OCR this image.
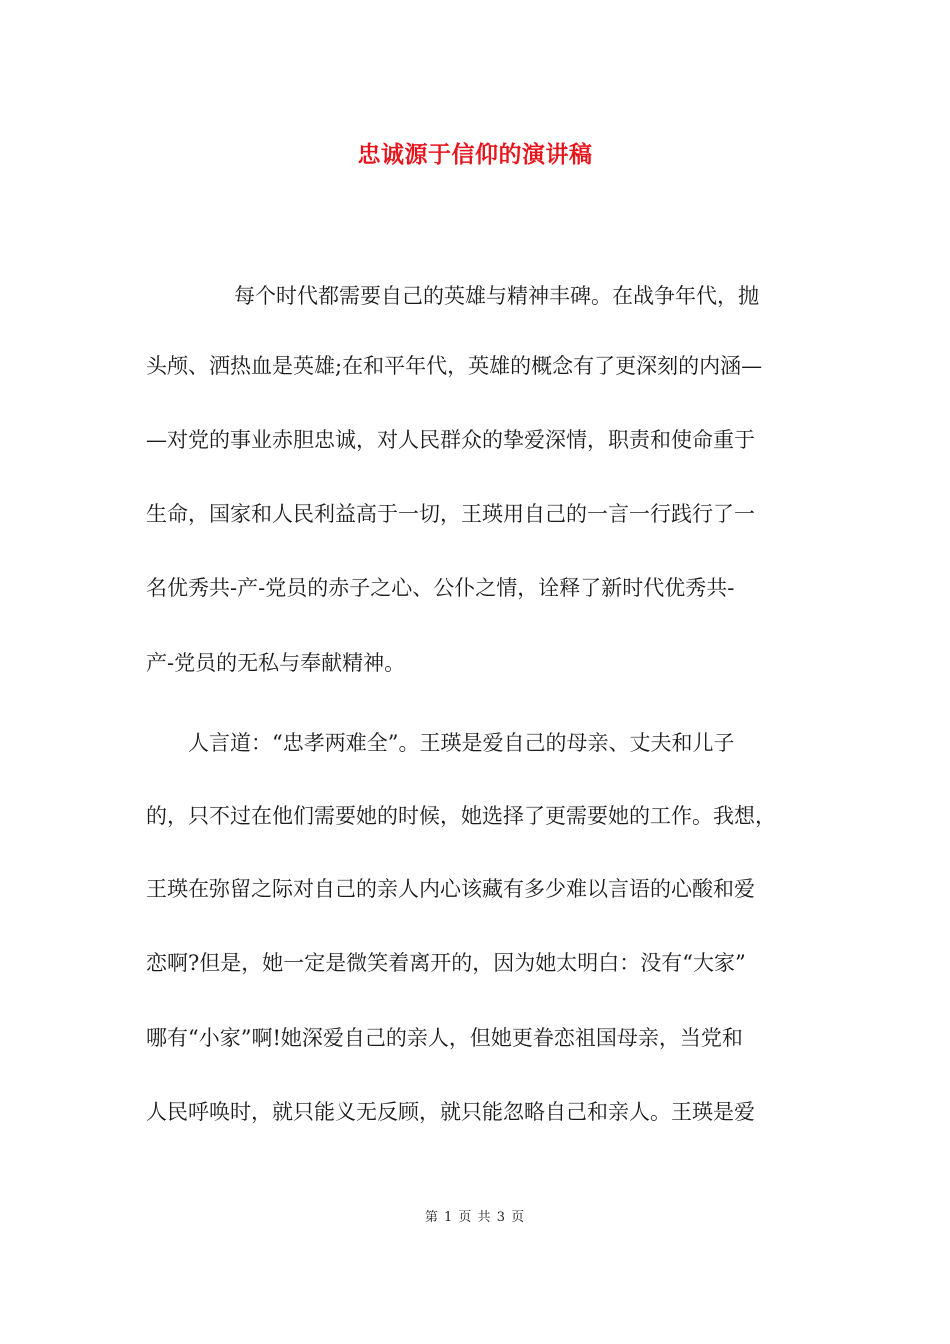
忠诚源于信仰的演讲稿
每个时代都需要自己的英雄与精神丰碑。在战争年代，抛
头颅、洒热血是英雄;在和平年代，英雄的概念有了更深刻的内涵—
—对党的事业赤胆忠诚，对人民群众的挚爱深情，职责和使命重于
生命，国家和人民利益高于一切，王瑛用自己的一言一行践行了一
名优秀共-产-党员的赤子之心、公仆之情，诠释了新时代优秀共-
产-党员的无私与奉献精神。
人言道：“忠孝两难全”。王瑛是爱自己的母亲、丈夫和儿子
的，只不过在他们需要她的时候，她选择了更需要她的工作。我想，
王瑛在弥留之际对自己的亲人内心该藏有多少难以言语的心酸和爱
恋啊?但是，她一定是微笑着离开的，因为她太明白：没有“大家”
哪有“小家”啊!她深爱自己的亲人，但她更眷恋祖国母亲，当党和
人民呼唤时，就只能义无反顾，就只能忽略自己和亲人。王瑛是爱
第 1 页 共 3 页
